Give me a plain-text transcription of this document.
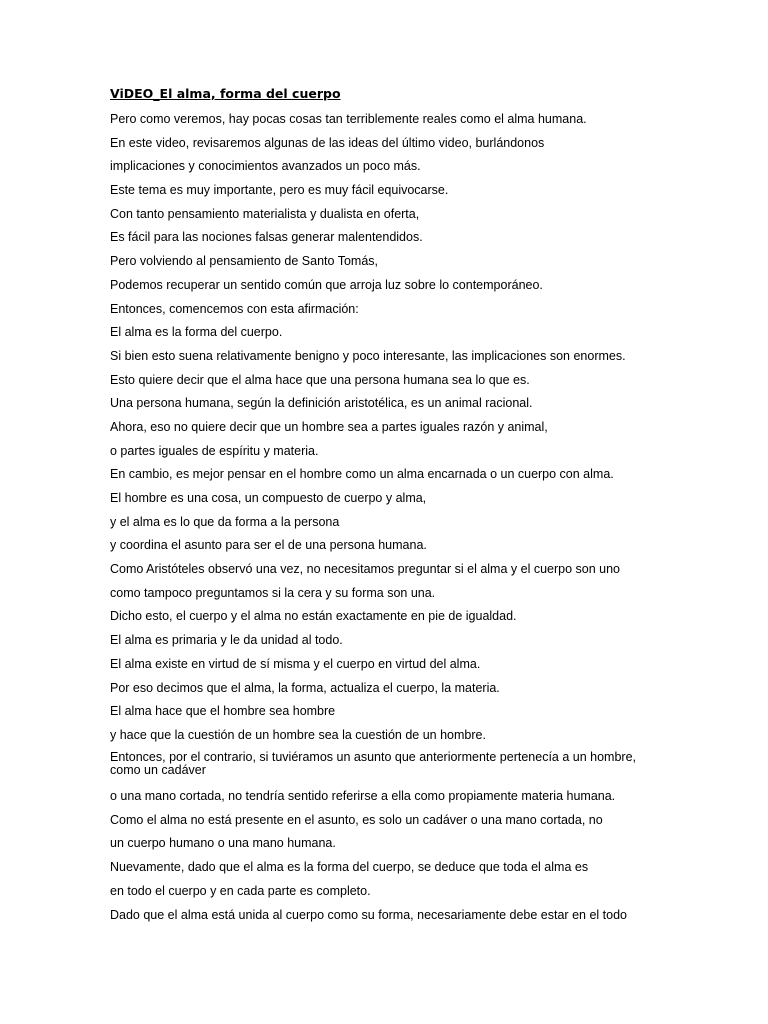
ViDEO_El alma, forma del cuerpo
Pero como veremos, hay pocas cosas tan terriblemente reales como el alma humana.
En este video, revisaremos algunas de las ideas del último video, burlándonos
implicaciones y conocimientos avanzados un poco más.
Este tema es muy importante, pero es muy fácil equivocarse.
Con tanto pensamiento materialista y dualista en oferta,
Es fácil para las nociones falsas generar malentendidos.
Pero volviendo al pensamiento de Santo Tomás,
Podemos recuperar un sentido común que arroja luz sobre lo contemporáneo.
Entonces, comencemos con esta afirmación:
El alma es la forma del cuerpo.
Si bien esto suena relativamente benigno y poco interesante, las implicaciones son enormes.
Esto quiere decir que el alma hace que una persona humana sea lo que es.
Una persona humana, según la definición aristotélica, es un animal racional.
Ahora, eso no quiere decir que un hombre sea a partes iguales razón y animal,
o partes iguales de espíritu y materia.
En cambio, es mejor pensar en el hombre como un alma encarnada o un cuerpo con alma.
El hombre es una cosa, un compuesto de cuerpo y alma,
y el alma es lo que da forma a la persona
y coordina el asunto para ser el de una persona humana.
Como Aristóteles observó una vez, no necesitamos preguntar si el alma y el cuerpo son uno
como tampoco preguntamos si la cera y su forma son una.
Dicho esto, el cuerpo y el alma no están exactamente en pie de igualdad.
El alma es primaria y le da unidad al todo.
El alma existe en virtud de sí misma y el cuerpo en virtud del alma.
Por eso decimos que el alma, la forma, actualiza el cuerpo, la materia.
El alma hace que el hombre sea hombre
y hace que la cuestión de un hombre sea la cuestión de un hombre.
Entonces, por el contrario, si tuviéramos un asunto que anteriormente pertenecía a un hombre, como un cadáver
o una mano cortada, no tendría sentido referirse a ella como propiamente materia humana.
Como el alma no está presente en el asunto, es solo un cadáver o una mano cortada, no
un cuerpo humano o una mano humana.
Nuevamente, dado que el alma es la forma del cuerpo, se deduce que toda el alma es
en todo el cuerpo y en cada parte es completo.
Dado que el alma está unida al cuerpo como su forma, necesariamente debe estar en el todo
